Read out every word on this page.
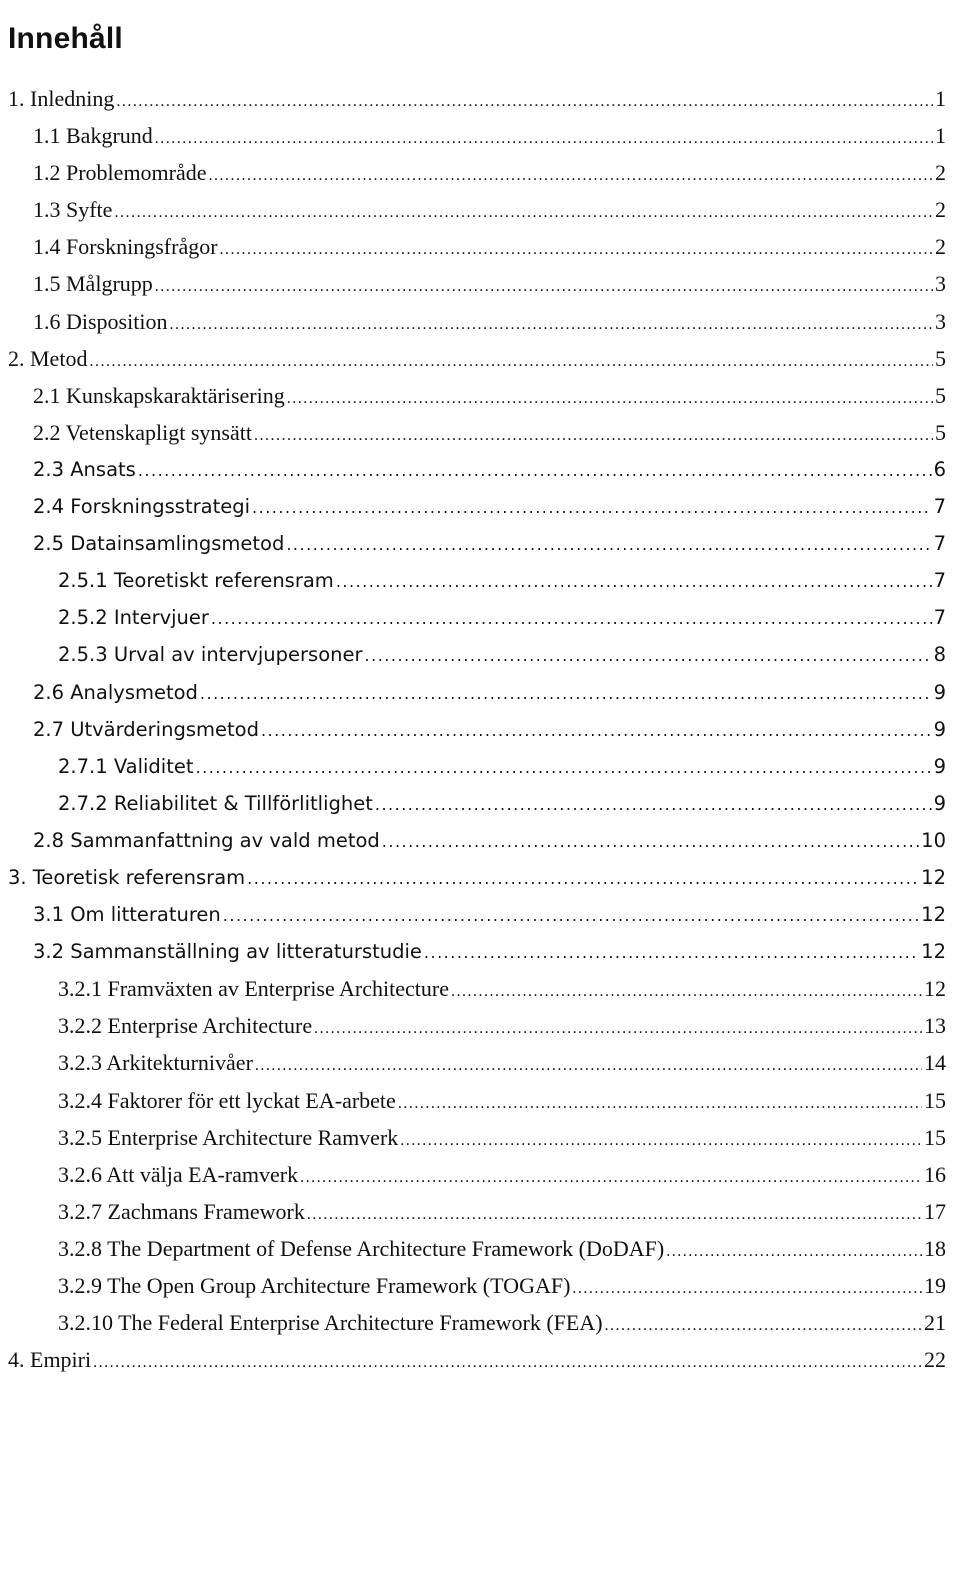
Innehåll
1. Inledning .....	1
1.1 Bakgrund .....	1
1.2 Problemområde .....	2
1.3 Syfte .....	2
1.4 Forskningsfrågor .....	2
1.5 Målgrupp .....	3
1.6 Disposition .....	3
2. Metod .....	5
2.1 Kunskapskaraktärisering .....	5
2.2 Vetenskapligt synsätt .....	5
2.3 Ansats .....	6
2.4 Forskningsstrategi .....	7
2.5 Datainsamlingsmetod .....	7
2.5.1 Teoretiskt referensram .....	7
2.5.2 Intervjuer .....	7
2.5.3 Urval av intervjupersoner .....	8
2.6 Analysmetod .....	9
2.7 Utvärderingsmetod .....	9
2.7.1 Validitet .....	9
2.7.2 Reliabilitet & Tillförlitlighet .....	9
2.8 Sammanfattning av vald metod .....	10
3. Teoretisk referensram .....	12
3.1 Om litteraturen .....	12
3.2 Sammanställning av litteraturstudie .....	12
3.2.1 Framväxten av Enterprise Architecture .....	12
3.2.2 Enterprise Architecture .....	13
3.2.3 Arkitekturnivåer .....	14
3.2.4 Faktorer för ett lyckat EA-arbete .....	15
3.2.5 Enterprise Architecture Ramverk .....	15
3.2.6 Att välja EA-ramverk .....	16
3.2.7 Zachmans Framework .....	17
3.2.8 The Department of Defense Architecture Framework (DoDAF) .....	18
3.2.9 The Open Group Architecture Framework (TOGAF) .....	19
3.2.10 The Federal Enterprise Architecture Framework (FEA) .....	21
4. Empiri .....	22
